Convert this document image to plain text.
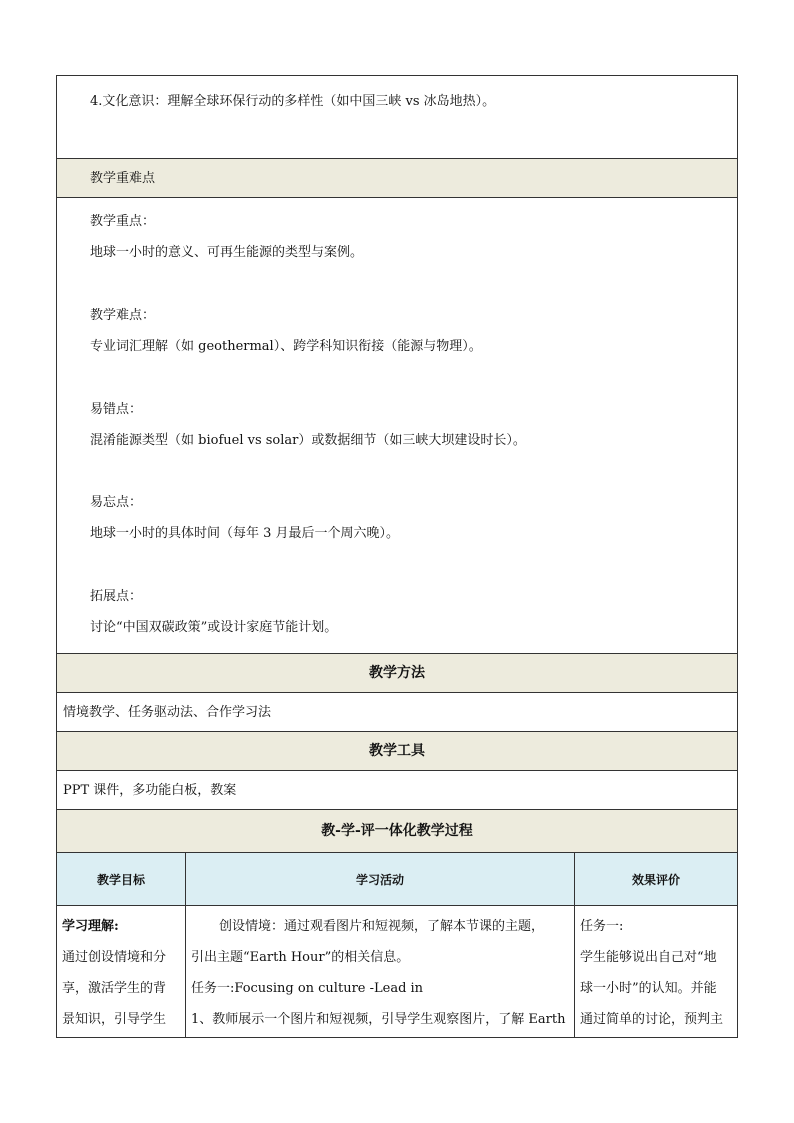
4.文化意识：理解全球环保行动的多样性（如中国三峡 vs 冰岛地热）。
教学重难点
教学重点：
地球一小时的意义、可再生能源的类型与案例。
教学难点：
专业词汇理解（如 geothermal）、跨学科知识衔接（能源与物理）。
易错点：
混淆能源类型（如 biofuel vs solar）或数据细节（如三峡大坝建设时长）。
易忘点：
地球一小时的具体时间（每年 3 月最后一个周六晚）。
拓展点：
讨论“中国双碳政策”或设计家庭节能计划。
教学方法
情境教学、任务驱动法、合作学习法
教学工具
PPT 课件，多功能白板，教案
教-学-评一体化教学过程
教学目标	学习活动	效果评价
学习理解:
通过创设情境和分
享，激活学生的背
景知识，引导学生
创设情境：通过观看图片和短视频，了解本节课的主题，
引出主题“Earth Hour”的相关信息。
任务一:Focusing on culture -Lead in
1、教师展示一个图片和短视频，引导学生观察图片，了解 Earth
任务一:
学生能够说出自己对“地
球一小时”的认知。并能
通过简单的讨论，预判主
